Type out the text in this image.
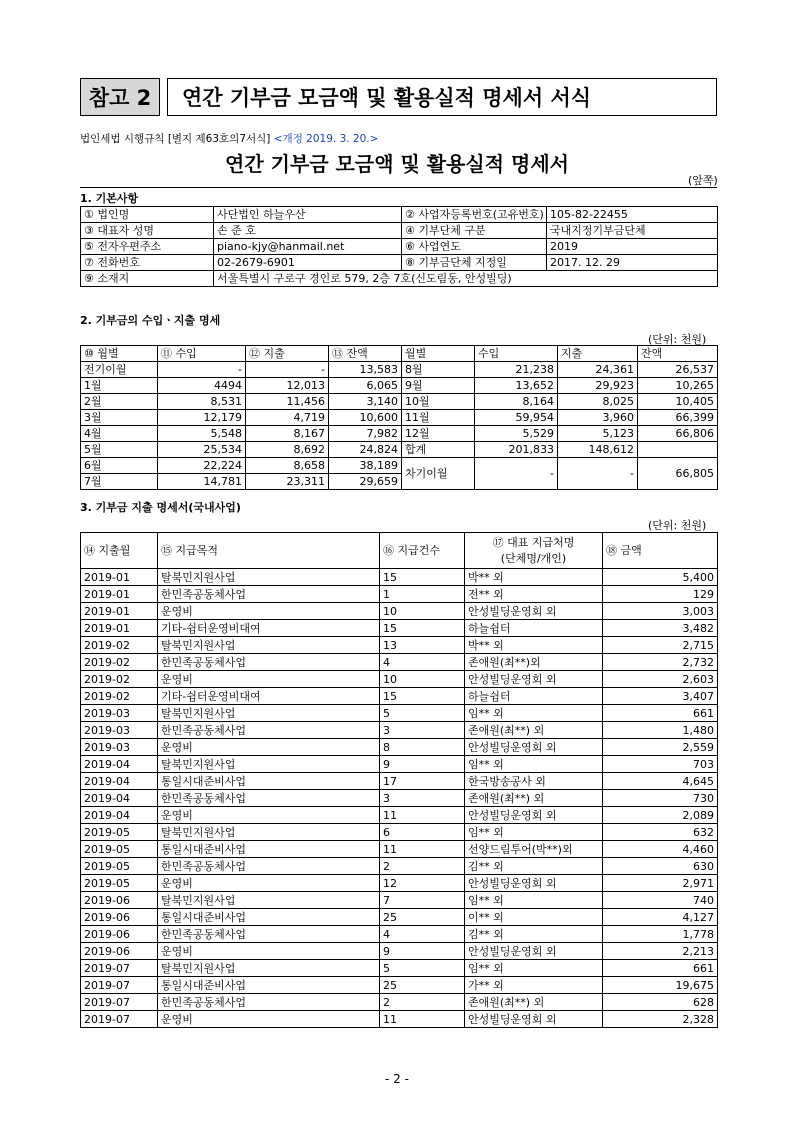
참고 2	연간 기부금 모금액 및 활용실적 명세서 서식
법인세법 시행규칙 [별지 제63호의7서식] <개정 2019. 3. 20.>
연간 기부금 모금액 및 활용실적 명세서
(앞쪽)
1. 기본사항
① 법인명	사단법인 하늘우산	② 사업자등록번호(고유번호)	105-82-22455
③ 대표자 성명	손 준 호	④ 기부단체 구분	국내지정기부금단체
⑤ 전자우편주소	piano-kjy@hanmail.net	⑥ 사업연도	2019
⑦ 전화번호	02-2679-6901	⑧ 기부금단체 지정일	2017. 12. 29
⑨ 소재지	서울특별시 구로구 경인로 579, 2층 7호(신도림동, 안성빌딩)		
2. 기부금의 수입ㆍ지출 명세
(단위: 천원)
⑩ 월별	⑪ 수입	⑫ 지출	⑬ 잔액	월별	수입	지출	잔액
전기이월	-	-	13,583	8월	21,238	24,361	26,537
1월	4494	12,013	6,065	9월	13,652	29,923	10,265
2월	8,531	11,456	3,140	10월	8,164	8,025	10,405
3월	12,179	4,719	10,600	11월	59,954	3,960	66,399
4월	5,548	8,167	7,982	12월	5,529	5,123	66,806
5월	25,534	8,692	24,824	합계	201,833	148,612	
6월	22,224	8,658	38,189	차기이월	-	-	66,805
7월	14,781	23,311	29,659				
3. 기부금 지출 명세서(국내사업)
(단위: 천원)
⑭ 지출월	⑮ 지급목적	⑯ 지급건수	⑰ 대표 지급처명
(단체명/개인)	⑱ 금액
2019-01	탈북민지원사업	15	박** 외	5,400
2019-01	한민족공동체사업	1	전** 외	129
2019-01	운영비	10	안성빌딩운영회 외	3,003
2019-01	기타-쉼터운영비대여	15	하늘쉼터	3,482
2019-02	탈북민지원사업	13	박** 외	2,715
2019-02	한민족공동체사업	4	존애원(최**)외	2,732
2019-02	운영비	10	안성빌딩운영회 외	2,603
2019-02	기타-쉼터운영비대여	15	하늘쉼터	3,407
2019-03	탈북민지원사업	5	임** 외	661
2019-03	한민족공동체사업	3	존애원(최**) 외	1,480
2019-03	운영비	8	안성빌딩운영회 외	2,559
2019-04	탈북민지원사업	9	임** 외	703
2019-04	통일시대준비사업	17	한국방송공사 외	4,645
2019-04	한민족공동체사업	3	존애원(최**) 외	730
2019-04	운영비	11	안성빌딩운영회 외	2,089
2019-05	탈북민지원사업	6	임** 외	632
2019-05	통일시대준비사업	11	선양드림투어(박**)외	4,460
2019-05	한민족공동체사업	2	김** 외	630
2019-05	운영비	12	안성빌딩운영회 외	2,971
2019-06	탈북민지원사업	7	임** 외	740
2019-06	통일시대준비사업	25	이** 외	4,127
2019-06	한민족공동체사업	4	김** 외	1,778
2019-06	운영비	9	안성빌딩운영회 외	2,213
2019-07	탈북민지원사업	5	임** 외	661
2019-07	통일시대준비사업	25	가** 외	19,675
2019-07	한민족공동체사업	2	존애원(최**) 외	628
2019-07	운영비	11	안성빌딩운영회 외	2,328
- 2 -
